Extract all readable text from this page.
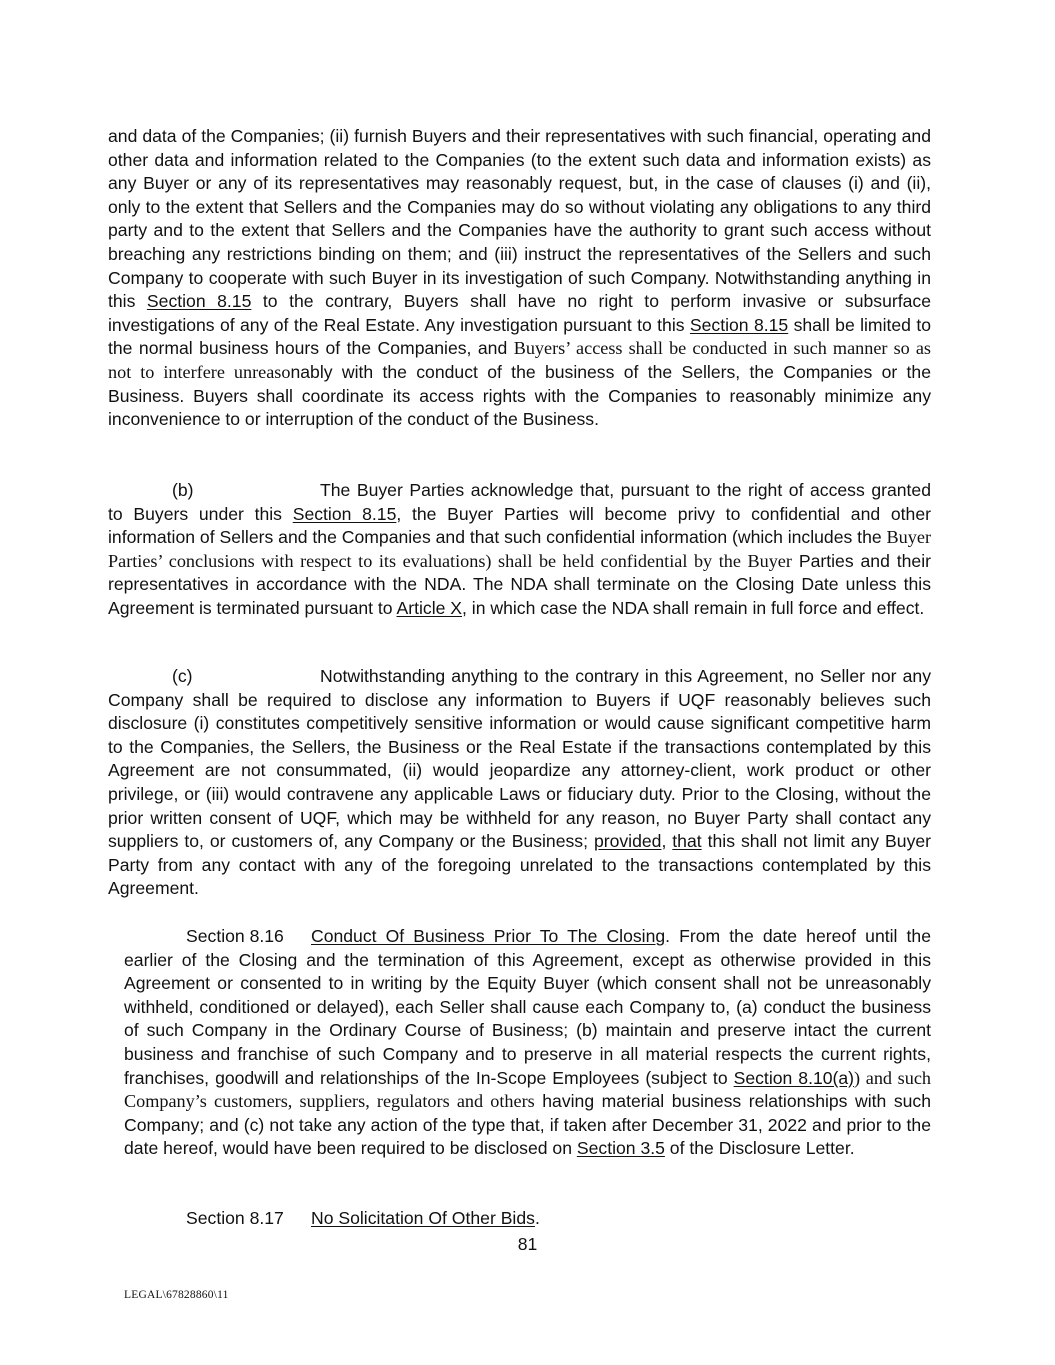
and data of the Companies; (ii) furnish Buyers and their representatives with such financial, operating and other data and information related to the Companies (to the extent such data and information exists) as any Buyer or any of its representatives may reasonably request, but, in the case of clauses (i) and (ii), only to the extent that Sellers and the Companies may do so without violating any obligations to any third party and to the extent that Sellers and the Companies have the authority to grant such access without breaching any restrictions binding on them; and (iii) instruct the representatives of the Sellers and such Company to cooperate with such Buyer in its investigation of such Company. Notwithstanding anything in this Section 8.15 to the contrary, Buyers shall have no right to perform invasive or subsurface investigations of any of the Real Estate. Any investigation pursuant to this Section 8.15 shall be limited to the normal business hours of the Companies, and Buyers’ access shall be conducted in such manner so as not to interfere unreasonably with the conduct of the business of the Sellers, the Companies or the Business. Buyers shall coordinate its access rights with the Companies to reasonably minimize any inconvenience to or interruption of the conduct of the Business.

(b)	The Buyer Parties acknowledge that, pursuant to the right of access granted to Buyers under this Section 8.15, the Buyer Parties will become privy to confidential and other information of Sellers and the Companies and that such confidential information (which includes the Buyer Parties’ conclusions with respect to its evaluations) shall be held confidential by the Buyer Parties and their representatives in accordance with the NDA. The NDA shall terminate on the Closing Date unless this Agreement is terminated pursuant to Article X, in which case the NDA shall remain in full force and effect.

(c)	Notwithstanding anything to the contrary in this Agreement, no Seller nor any Company shall be required to disclose any information to Buyers if UQF reasonably believes such disclosure (i) constitutes competitively sensitive information or would cause significant competitive harm to the Companies, the Sellers, the Business or the Real Estate if the transactions contemplated by this Agreement are not consummated, (ii) would jeopardize any attorney-client, work product or other privilege, or (iii) would contravene any applicable Laws or fiduciary duty. Prior to the Closing, without the prior written consent of UQF, which may be withheld for any reason, no Buyer Party shall contact any suppliers to, or customers of, any Company or the Business; provided, that this shall not limit any Buyer Party from any contact with any of the foregoing unrelated to the transactions contemplated by this Agreement.

Section 8.16 Conduct Of Business Prior To The Closing. From the date hereof until the earlier of the Closing and the termination of this Agreement, except as otherwise provided in this Agreement or consented to in writing by the Equity Buyer (which consent shall not be unreasonably withheld, conditioned or delayed), each Seller shall cause each Company to, (a) conduct the business of such Company in the Ordinary Course of Business; (b) maintain and preserve intact the current business and franchise of such Company and to preserve in all material respects the current rights, franchises, goodwill and relationships of the In-Scope Employees (subject to Section 8.10(a)) and such Company’s customers, suppliers, regulators and others having material business relationships with such Company; and (c) not take any action of the type that, if taken after December 31, 2022 and prior to the date hereof, would have been required to be disclosed on Section 3.5 of the Disclosure Letter.

Section 8.17 No Solicitation Of Other Bids.
81
LEGAL\67828860\11
